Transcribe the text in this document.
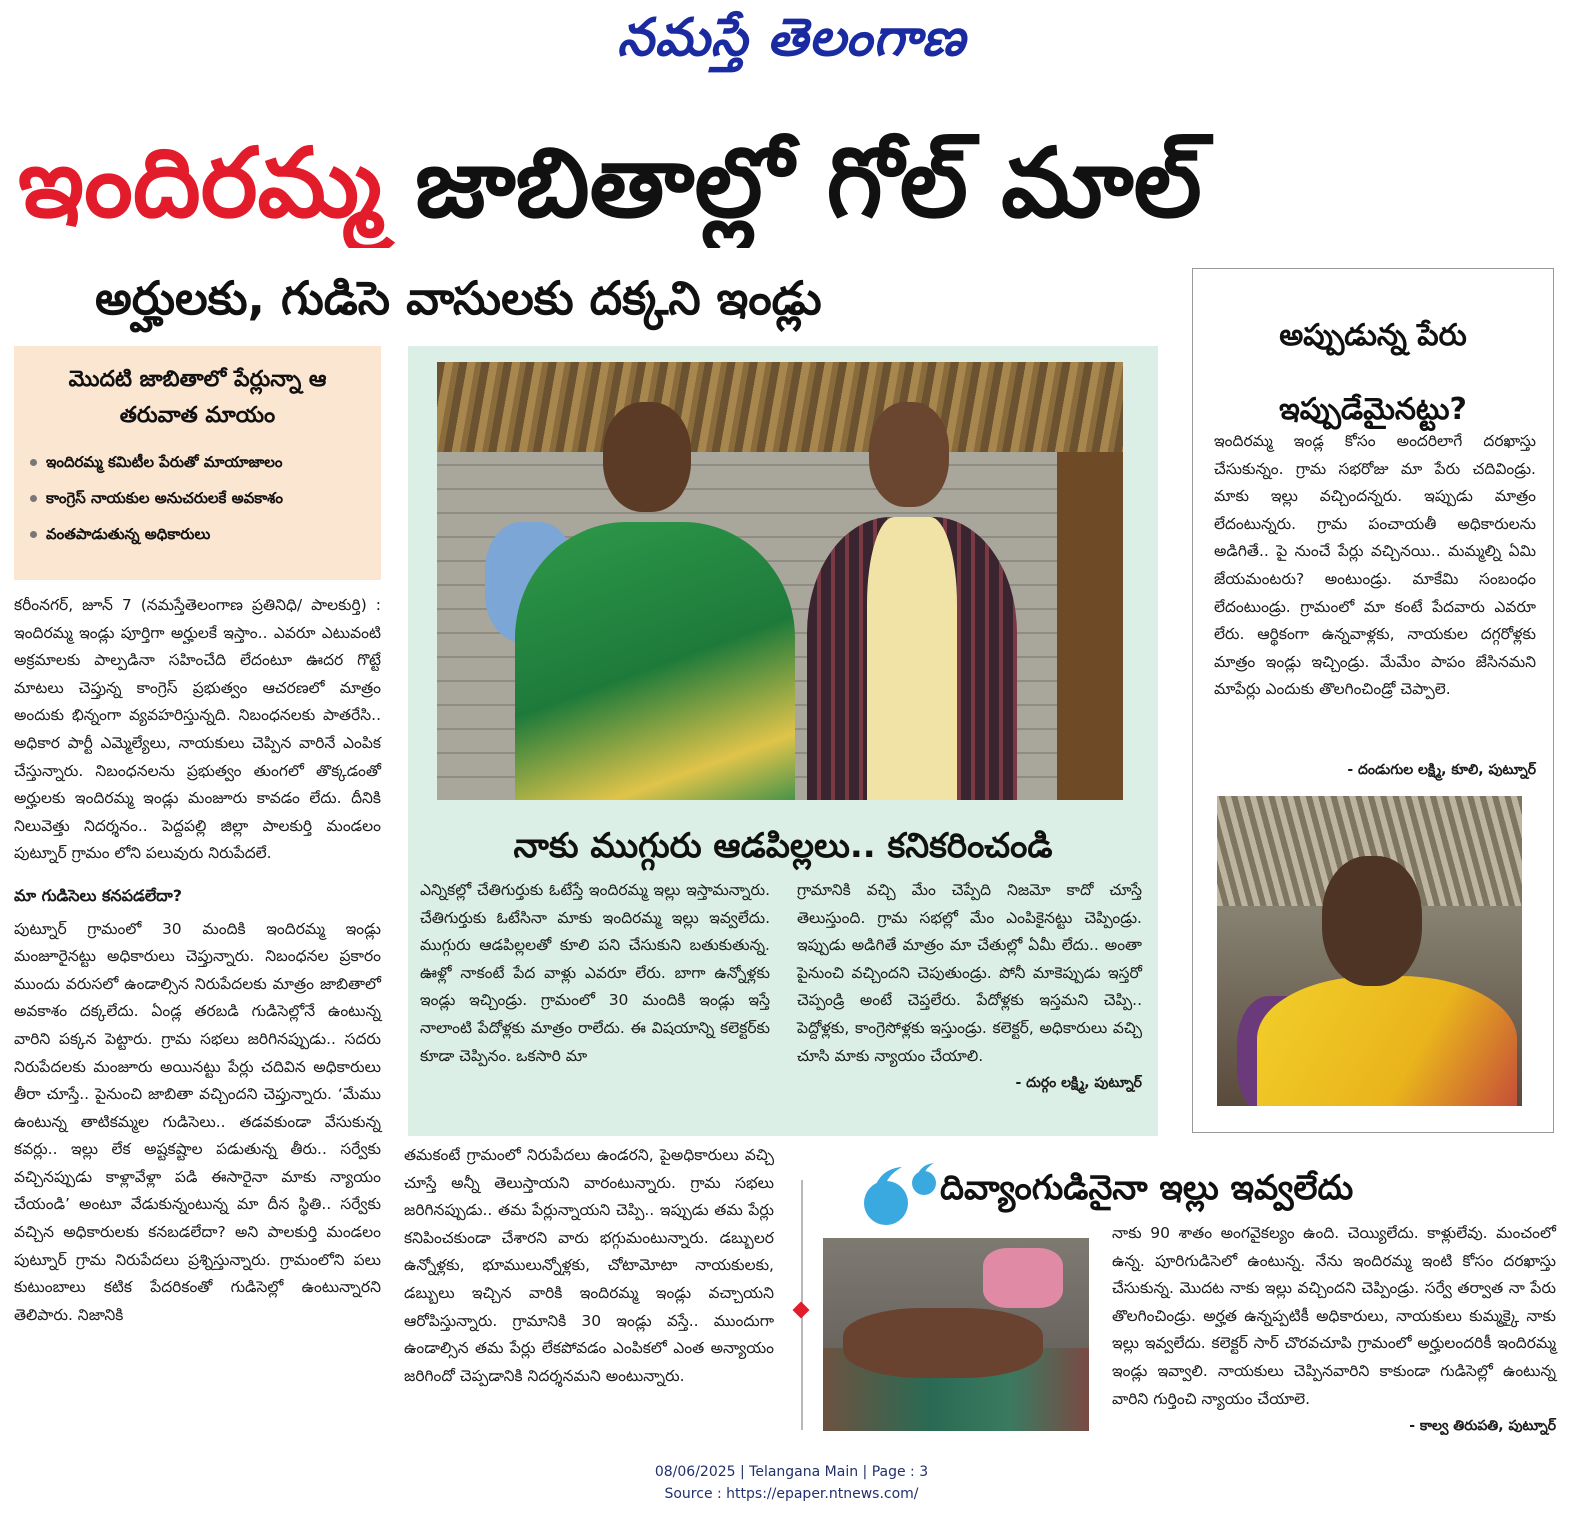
నమస్తే తెలంగాణ
ఇందిరమ్మ జాబితాల్లో గోల్ మాల్
అర్హులకు, గుడిసె వాసులకు దక్కని ఇండ్లు
మొదటి జాబితాలో పేర్లున్నా ఆ తరువాత మాయం
ఇందిరమ్మ కమిటీల పేరుతో మాయాజాలం
కాంగ్రెస్ నాయకుల అనుచరులకే అవకాశం
వంతపాడుతున్న అధికారులు

కరీంనగర్, జూన్ 7 (నమస్తేతెలంగాణ ప్రతినిధి/ పాలకుర్తి) : ఇందిరమ్మ ఇండ్లు పూర్తిగా అర్హులకే ఇస్తాం.. ఎవరూ ఎటువంటి అక్రమాలకు పాల్పడినా సహించేది లేదంటూ ఊదర గొట్టే మాటలు చెప్తున్న కాంగ్రెస్ ప్రభుత్వం ఆచరణలో మాత్రం అందుకు భిన్నంగా వ్యవహరిస్తున్నది. నిబంధనలకు పాతరేసి.. అధికార పార్టీ ఎమ్మెల్యేలు, నాయకులు చెప్పిన వారినే ఎంపిక చేస్తున్నారు. నిబంధనలను ప్రభుత్వం తుంగలో తొక్కడంతో అర్హులకు ఇందిరమ్మ ఇండ్లు మంజూరు కావడం లేదు. దీనికి నిలువెత్తు నిదర్శనం.. పెద్దపల్లి జిల్లా పాలకుర్తి మండలం పుట్నూర్ గ్రామం లోని పలువురు నిరుపేదలే.

మా గుడిసెలు కనపడలేదా?

పుట్నూర్ గ్రామంలో 30 మందికి ఇందిరమ్మ ఇండ్లు మంజూరైనట్టు అధికారులు చెప్తున్నారు. నిబంధనల ప్రకారం ముందు వరుసలో ఉండాల్సిన నిరుపేదలకు మాత్రం జాబితాలో అవకాశం దక్కలేదు. ఏండ్ల తరబడి గుడిసెల్లోనే ఉంటున్న వారిని పక్కన పెట్టారు. గ్రామ సభలు జరిగినప్పుడు.. సదరు నిరుపేదలకు మంజూరు అయినట్టు పేర్లు చదివిన అధికారులు తీరా చూస్తే.. పైనుంచి జాబితా వచ్చిందని చెప్తున్నారు. ‘మేము ఉంటున్న తాటికమ్మల గుడిసెలు.. తడవకుండా వేసుకున్న కవర్లు.. ఇల్లు లేక అష్టకష్టాల పడుతున్న తీరు.. సర్వేకు వచ్చినప్పుడు కాళ్లావేళ్లా పడి ఈసారైనా మాకు న్యాయం చేయండి’ అంటూ వేడుకున్నంటున్న మా దీన స్థితి.. సర్వేకు వచ్చిన అధికారులకు కనబడలేదా? అని పాలకుర్తి మండలం పుట్నూర్ గ్రామ నిరుపేదలు ప్రశ్నిస్తున్నారు. గ్రామంలోని పలు కుటుంబాలు కటిక పేదరికంతో గుడిసెల్లో ఉంటున్నారని తెలిపారు. నిజానికి

నాకు ముగ్గురు ఆడపిల్లలు.. కనికరించండి
ఎన్నికల్లో చేతిగుర్తుకు ఓటేస్తే ఇందిరమ్మ ఇల్లు ఇస్తామన్నారు. చేతిగుర్తుకు ఓటేసినా మాకు ఇందిరమ్మ ఇల్లు ఇవ్వలేదు. ముగ్గురు ఆడపిల్లలతో కూలి పని చేసుకుని బతుకుతున్న. ఊళ్లో నాకంటే పేద వాళ్లు ఎవరూ లేరు. బాగా ఉన్నోళ్లకు ఇండ్లు ఇచ్చిండ్రు. గ్రామంలో 30 మందికి ఇండ్లు ఇస్తే నాలాంటి పేదోళ్లకు మాత్రం రాలేదు. ఈ విషయాన్ని కలెక్టర్‌కు కూడా చెప్పినం. ఒకసారి మా
గ్రామానికి వచ్చి మేం చెప్పేది నిజమో కాదో చూస్తే తెలుస్తుంది. గ్రామ సభల్లో మేం ఎంపికైనట్టు చెప్పిండ్రు. ఇప్పుడు అడిగితే మాత్రం మా చేతుల్లో ఏమీ లేదు.. అంతా పైనుంచి వచ్చిందని చెపుతుండ్రు. పోనీ మాకెప్పుడు ఇస్తరో చెప్పండ్రి అంటే చెప్తలేరు. పేదోళ్లకు ఇస్తమని చెప్పి.. పెద్దోళ్లకు, కాంగ్రెసోళ్లకు ఇస్తుండ్రు. కలెక్టర్, అధికారులు వచ్చి చూసి మాకు న్యాయం చేయాలి.
- దుర్గం లక్ష్మి, పుట్నూర్
తమకంటే గ్రామంలో నిరుపేదలు ఉండరని, పైఅధికారులు వచ్చి చూస్తే అన్నీ తెలుస్తాయని వారంటున్నారు. గ్రామ సభలు జరిగినప్పుడు.. తమ పేర్లున్నాయని చెప్పి.. ఇప్పుడు తమ పేర్లు కనిపించకుండా చేశారని వారు భగ్గుమంటున్నారు. డబ్బులర ఉన్నోళ్లకు, భూములున్నోళ్లకు, చోటామోటా నాయకులకు, డబ్బులు ఇచ్చిన వారికి ఇందిరమ్మ ఇండ్లు వచ్చాయని ఆరోపిస్తున్నారు. గ్రామానికి 30 ఇండ్లు వస్తే.. ముందుగా ఉండాల్సిన తమ పేర్లు లేకపోవడం ఎంపికలో ఎంత అన్యాయం జరిగిందో చెప్పడానికి నిదర్శనమని అంటున్నారు.
అప్పుడున్న పేరు ఇప్పుడేమైనట్టు?
ఇందిరమ్మ ఇండ్ల కోసం అందరిలాగే దరఖాస్తు చేసుకున్నం. గ్రామ సభరోజు మా పేరు చదివిండ్రు. మాకు ఇల్లు వచ్చిందన్నరు. ఇప్పుడు మాత్రం లేదంటున్నరు. గ్రామ పంచాయతీ అధికారులను అడిగితే.. పై నుంచే పేర్లు వచ్చినయి.. మమ్మల్ని ఏమి జేయమంటరు? అంటుండ్రు. మాకేమి సంబంధం లేదంటుండ్రు. గ్రామంలో మా కంటే పేదవారు ఎవరూ లేరు. ఆర్థికంగా ఉన్నవాళ్లకు, నాయకుల దగ్గరోళ్లకు మాత్రం ఇండ్లు ఇచ్చిండ్రు. మేమేం పాపం జేసినమని మాపేర్లు ఎందుకు తొలగించిండ్రో చెప్పాలె.
- దండుగుల లక్ష్మి, కూలి, పుట్నూర్
దివ్యాంగుడినైనా ఇల్లు ఇవ్వలేదు
నాకు 90 శాతం అంగవైకల్యం ఉంది. చెయ్యిలేదు. కాళ్లులేవు. మంచంలో ఉన్న. పూరిగుడిసెలో ఉంటున్న. నేను ఇందిరమ్మ ఇంటి కోసం దరఖాస్తు చేసుకున్న. మొదట నాకు ఇల్లు వచ్చిందని చెప్పిండ్రు. సర్వే తర్వాత నా పేరు తొలగించిండ్రు. అర్హత ఉన్నప్పటికీ అధికారులు, నాయకులు కుమ్మక్కై నాకు ఇల్లు ఇవ్వలేదు. కలెక్టర్ సార్ చొరవచూపి గ్రామంలో అర్హులందరికీ ఇందిరమ్మ ఇండ్లు ఇవ్వాలి. నాయకులు చెప్పినవారిని కాకుండా గుడిసెల్లో ఉంటున్న వారిని గుర్తించి న్యాయం చేయాలె.
- కాల్వ తిరుపతి, పుట్నూర్
08/06/2025 | Telangana Main | Page : 3
Source : https://epaper.ntnews.com/
